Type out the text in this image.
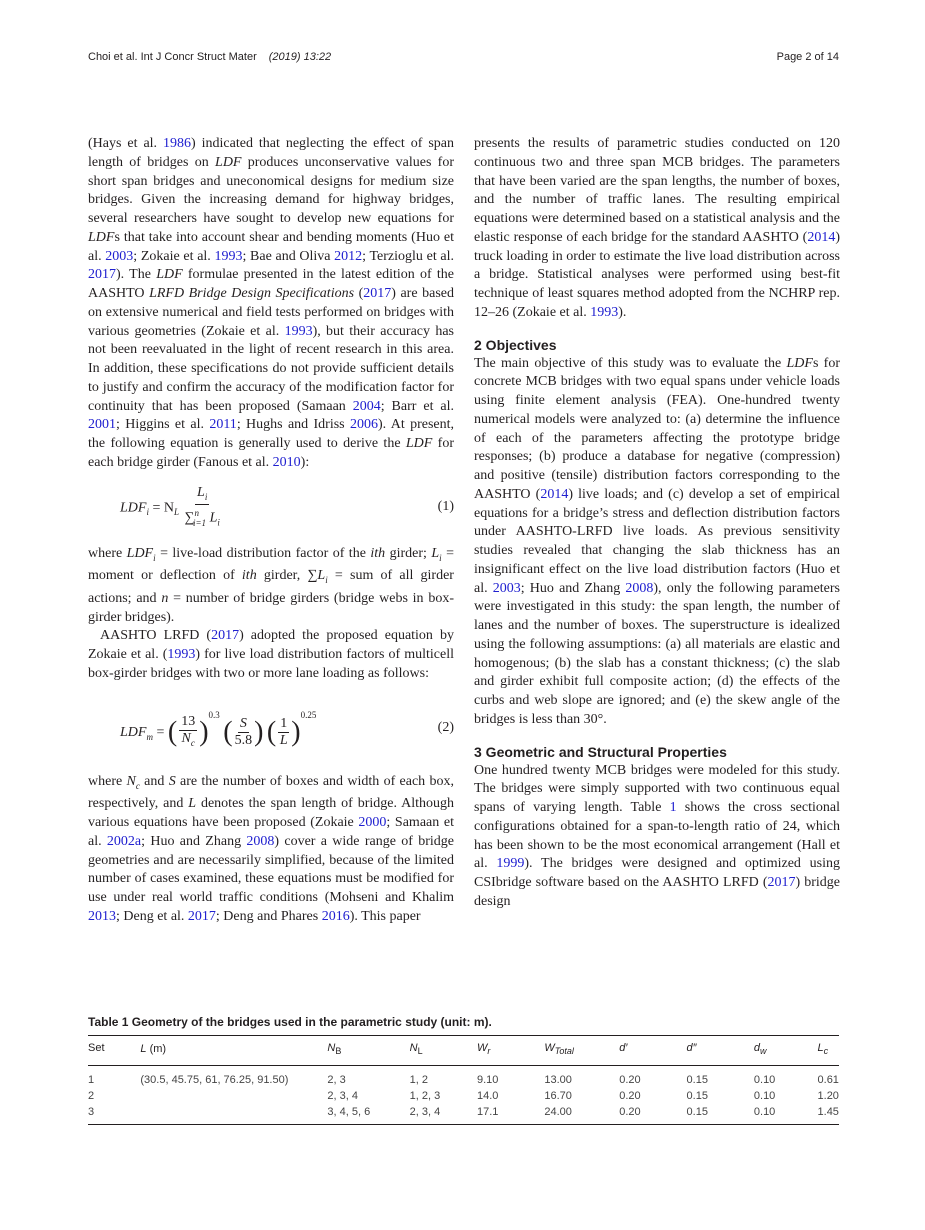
Choi et al. Int J Concr Struct Mater (2019) 13:22	Page 2 of 14

(Hays et al. 1986) indicated that neglecting the effect of span length of bridges on LDF produces unconservative values for short span bridges and uneconomical designs for medium size bridges. Given the increasing demand for highway bridges, several researchers have sought to develop new equations for LDFs that take into account shear and bending moments (Huo et al. 2003; Zokaie et al. 1993; Bae and Oliva 2012; Terzioglu et al. 2017). The LDF formulae presented in the latest edition of the AASHTO LRFD Bridge Design Specifications (2017) are based on extensive numerical and field tests performed on bridges with various geometries (Zokaie et al. 1993), but their accuracy has not been reevaluated in the light of recent research in this area. In addition, these specifications do not provide sufficient details to justify and confirm the accuracy of the modification factor for continuity that has been proposed (Samaan 2004; Barr et al. 2001; Higgins et al. 2011; Hughs and Idriss 2006). At present, the following equation is generally used to derive the LDF for each bridge girder (Fanous et al. 2010):

$LDF_i = N_L \frac{L_i}{\sum^n_{i=1} L_i}$	(1)

where $LDF_i$ = live-load distribution factor of the ith girder; $L_i$ = moment or deflection of ith girder, $\sum L_i$ = sum of all girder actions; and n = number of bridge girders (bridge webs in box-girder bridges).

AASHTO LRFD (2017) adopted the proposed equation by Zokaie et al. (1993) for live load distribution factors of multicell box-girder bridges with two or more lane loading as follows:

$LDF_m$ = ( $\frac{13}{N_c} )^{0.3}$ ( $\frac{S}{5.8}$ ) ( $\frac{1}{L} )^{0.25}$
(2)

where $N_c$ and S are the number of boxes and width of each box, respectively, and L denotes the span length of bridge. Although various equations have been proposed (Zokaie 2000; Samaan et al. 2002a; Huo and Zhang 2008) cover a wide range of bridge geometries and are necessarily simplified, because of the limited number of cases examined, these equations must be modified for use under real world traffic conditions (Mohseni and Khalim 2013; Deng et al. 2017; Deng and Phares 2016). This paper

presents the results of parametric studies conducted on 120 continuous two and three span MCB bridges. The parameters that have been varied are the span lengths, the number of boxes, and the number of traffic lanes. The resulting empirical equations were determined based on a statistical analysis and the elastic response of each bridge for the standard AASHTO (2014) truck loading in order to estimate the live load distribution across a bridge. Statistical analyses were performed using best-fit technique of least squares method adopted from the NCHRP rep. 12–26 (Zokaie et al. 1993).

2 Objectives

The main objective of this study was to evaluate the LDFs for concrete MCB bridges with two equal spans under vehicle loads using finite element analysis (FEA). One-hundred twenty numerical models were analyzed to: (a) determine the influence of each of the parameters affecting the prototype bridge responses; (b) produce a database for negative (compression) and positive (tensile) distribution factors corresponding to the AASHTO (2014) live loads; and (c) develop a set of empirical equations for a bridge’s stress and deflection distribution factors under AASHTO-LRFD live loads. As previous sensitivity studies revealed that changing the slab thickness has an insignificant effect on the live load distribution factors (Huo et al. 2003; Huo and Zhang 2008), only the following parameters were investigated in this study: the span length, the number of lanes and the number of boxes. The superstructure is idealized using the following assumptions: (a) all materials are elastic and homogenous; (b) the slab has a constant thickness; (c) the slab and girder exhibit full composite action; (d) the effects of the curbs and web slope are ignored; and (e) the skew angle of the bridges is less than 30°.

3 Geometric and Structural Properties

One hundred twenty MCB bridges were modeled for this study. The bridges were simply supported with two continuous equal spans of varying length. Table 1 shows the cross sectional configurations obtained for a span-to-length ratio of 24, which has been shown to be the most economical arrangement (Hall et al. 1999). The bridges were designed and optimized using CSIbridge software based on the AASHTO LRFD (2017) bridge design

Table 1 Geometry of the bridges used in the parametric study (unit: m).
Set	L (m)	$N_B$	$N_L$	$W_r$	$W_{Total}$	d′	d″	$d_w$	$L_c$
1	(30.5, 45.75, 61, 76.25, 91.50)	2, 3	1, 2	9.10	13.00	0.20	0.15	0.10	0.61
2		2, 3, 4	1, 2, 3	14.0	16.70	0.20	0.15	0.10	1.20
3		3, 4, 5, 6	2, 3, 4	17.1	24.00	0.20	0.15	0.10	1.45
